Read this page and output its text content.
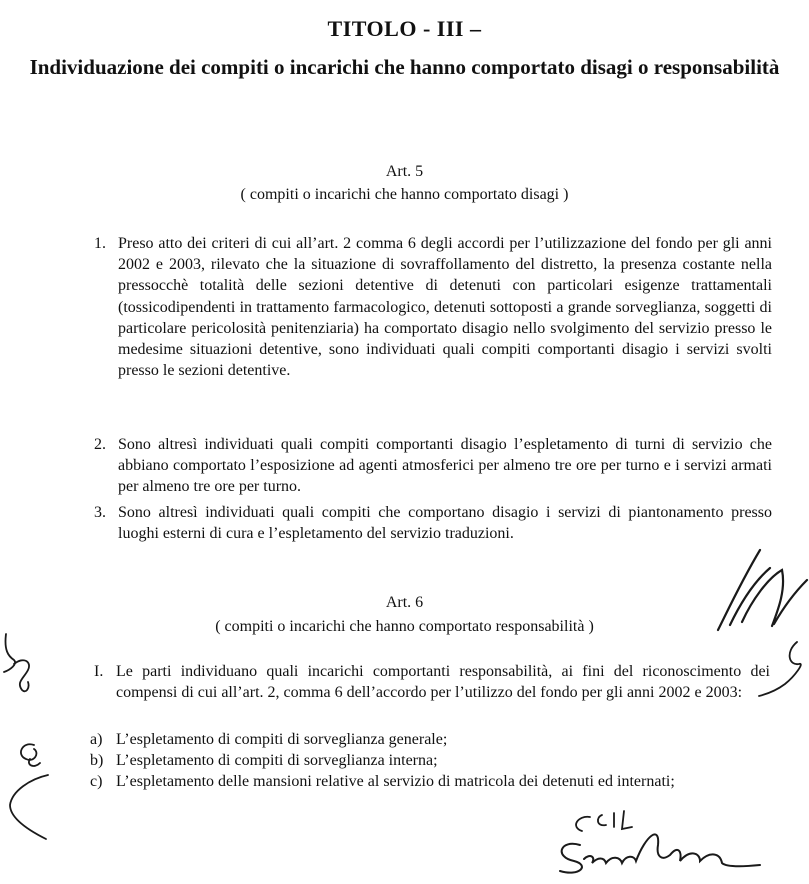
TITOLO - III –
Individuazione dei compiti o incarichi che hanno comportato disagi o responsabilità
Art. 5
( compiti o incarichi che hanno comportato disagi )
1. Preso atto dei criteri di cui all’art. 2 comma 6 degli accordi per l’utilizzazione del fondo per gli anni 2002 e 2003, rilevato che la situazione di sovraffollamento del distretto, la presenza costante nella pressocchè totalità delle sezioni detentive di detenuti con particolari esigenze trattamentali (tossicodipendenti in trattamento farmacologico, detenuti sottoposti a grande sorveglianza, soggetti di particolare pericolosità penitenziaria) ha comportato disagio nello svolgimento del servizio presso le medesime situazioni detentive, sono individuati quali compiti comportanti disagio i servizi svolti presso le sezioni detentive.
2. Sono altresì individuati quali compiti comportanti disagio l’espletamento di turni di servizio che abbiano comportato l’esposizione ad agenti atmosferici per almeno tre ore per turno e i servizi armati per almeno tre ore per turno.
3. Sono altresì individuati quali compiti che comportano disagio i servizi di piantonamento presso luoghi esterni di cura e l’espletamento del servizio traduzioni.
Art. 6
( compiti o incarichi che hanno comportato responsabilità )
I. Le parti individuano quali incarichi comportanti responsabilità, ai fini del riconoscimento dei compensi di cui all’art. 2, comma 6 dell’accordo per l’utilizzo del fondo per gli anni 2002 e 2003:
a) L’espletamento di compiti di sorveglianza generale;
b) L’espletamento di compiti di sorveglianza interna;
c) L’espletamento delle mansioni relative al servizio di matricola dei detenuti ed internati;
